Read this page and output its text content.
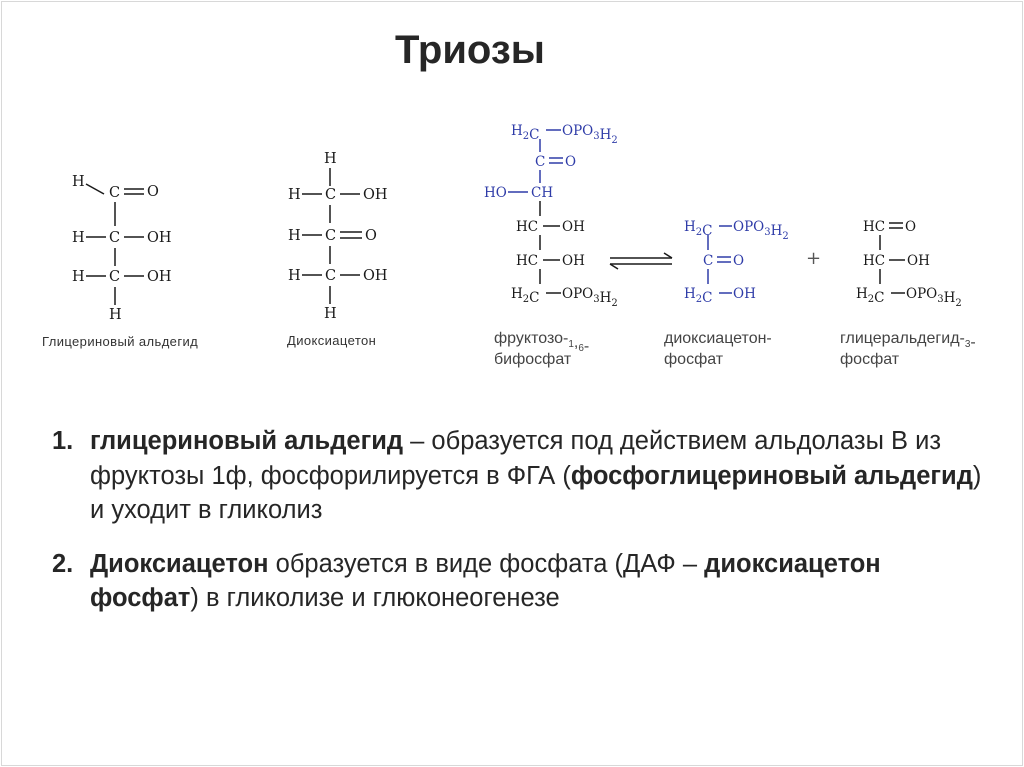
Триозы
H
C O
H C OH
H C OH
H
Глицериновый альдегид
H
H C OH
H C O
H C OH
H
Диоксиацетон
$H_2C$ $OPO_3H_2$
C O
HO CH
HC OH
HC OH
$H_2C$ $OPO_3H_2$
фруктозо-$_1,_6-$
бифосфат
$H_2C$ $OPO_3H_2$
C O
$H_2C$ OH
диоксиацетон-
фосфат
+
HC O
HC OH
$H_2C$ $OPO_3H_2$
глицеральдегид-$_3-$
фосфат
1. глицериновый альдегид – образуется под действием альдолазы В из фруктозы 1ф, фосфорилируется в ФГА (фосфоглицериновый альдегид) и уходит в гликолиз
2. Диоксиацетон образуется в виде фосфата (ДАФ – диоксиацетон фосфат) в гликолизе и глюконеогенезе
